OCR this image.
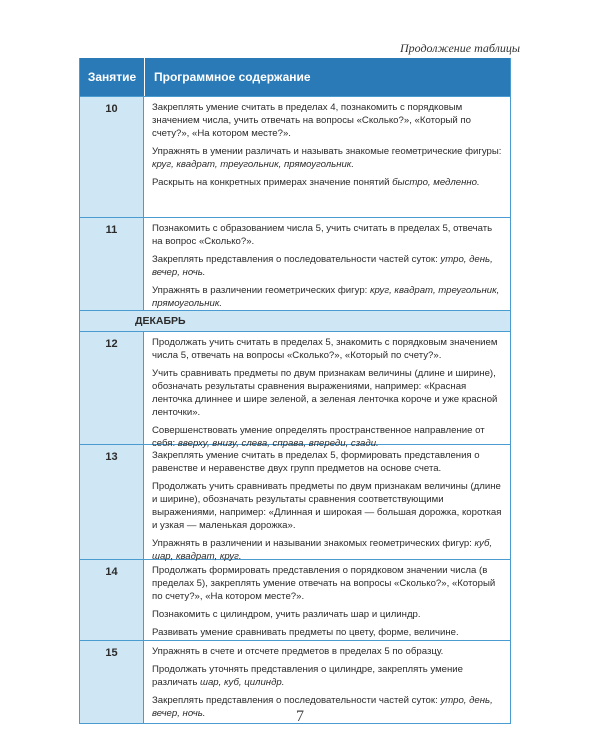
Продолжение таблицы
Занятие	Программное содержание
10	Закреплять умение считать в пределах 4, познакомить с порядковым значением числа, учить отвечать на вопросы «Сколько?», «Который по счету?», «На котором месте?».

Упражнять в умении различать и называть знакомые геометрические фигуры: круг, квадрат, треугольник, прямоугольник.

Раскрыть на конкретных примерах значение понятий быстро, медленно.

11	Познакомить с образованием числа 5, учить считать в пределах 5, отвечать на вопрос «Сколько?».

Закреплять представления о последовательности частей суток: утро, день, вечер, ночь.

Упражнять в различении геометрических фигур: круг, квадрат, треугольник, прямоугольник.

ДЕКАБРЬ
12	Продолжать учить считать в пределах 5, знакомить с порядковым значением числа 5, отвечать на вопросы «Сколько?», «Который по счету?».

Учить сравнивать предметы по двум признакам величины (длине и ширине), обозначать результаты сравнения выражениями, например: «Красная ленточка длиннее и шире зеленой, а зеленая ленточка короче и уже красной ленточки».

Совершенствовать умение определять пространственное направление от себя: вверху, внизу, слева, справа, впереди, сзади.

13	Закреплять умение считать в пределах 5, формировать представления о равенстве и неравенстве двух групп предметов на основе счета.

Продолжать учить сравнивать предметы по двум признакам величины (длине и ширине), обозначать результаты сравнения соответствующими выражениями, например: «Длинная и широкая — большая дорожка, короткая и узкая — маленькая дорожка».

Упражнять в различении и назывании знакомых геометрических фигур: куб, шар, квадрат, круг.

14	Продолжать формировать представления о порядковом значении числа (в пределах 5), закреплять умение отвечать на вопросы «Сколько?», «Который по счету?», «На котором месте?».

Познакомить с цилиндром, учить различать шар и цилиндр.

Развивать умение сравнивать предметы по цвету, форме, величине.

15	Упражнять в счете и отсчете предметов в пределах 5 по образцу.

Продолжать уточнять представления о цилиндре, закреплять умение различать шар, куб, цилиндр.

Закреплять представления о последовательности частей суток: утро, день, вечер, ночь.	7
